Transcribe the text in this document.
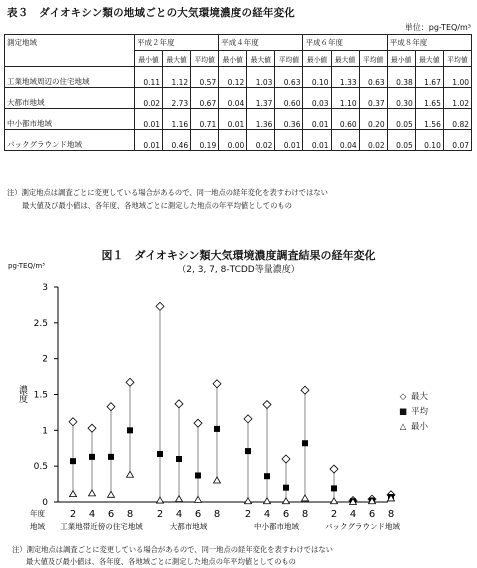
表３　ダイオキシン類の地域ごとの大気環境濃度の経年変化
単位：pg-TEQ/m³
測定地域	平成２年度			平成４年度			平成６年度			平成８年度		
	最小値	最大値	平均値	最小値	最大値	平均値	最小値	最大値	平均値	最小値	最大値	平均値
工業地域周辺の住宅地域	0.11	1.12	0.57	0.12	1.03	0.63	0.10	1.33	0.63	0.38	1.67	1.00
大都市地域	0.02	2.73	0.67	0.04	1.37	0.60	0.03	1.10	0.37	0.30	1.65	1.02
中小都市地域	0.01	1.16	0.71	0.01	1.36	0.36	0.01	0.60	0.20	0.05	1.56	0.82
バックグラウンド地域	0.01	0.46	0.19	0.00	0.02	0.01	0.01	0.04	0.02	0.05	0.10	0.07
注）測定地点は調査ごとに変更している場合があるので、同一地点の経年変化を表すわけではない
最大値及び最小値は、各年度、各地域ごとに測定した地点の年平均値としてのもの
図１　ダイオキシン類大気環境濃度調査結果の経年変化
（2, 3, 7, 8-TCDD等量濃度）
pg-TEQ/m³
0
0.5
1
1.5
2
2.5
3
濃度
2 4 6 8
工業地帯近傍の住宅地域
2 4 6 8
大都市地域
2 4 6 8
中小都市地域
2 4 6 8
バックグラウンド地域
年度
地域
◇ 最大
■ 平均
△ 最小
注）測定地点は調査ごとに変更している場合があるので、同一地点の経年変化を表すわけではない
最大値及び最小値は、各年度、各地域ごとに測定した地点の年平均値としてのもの
